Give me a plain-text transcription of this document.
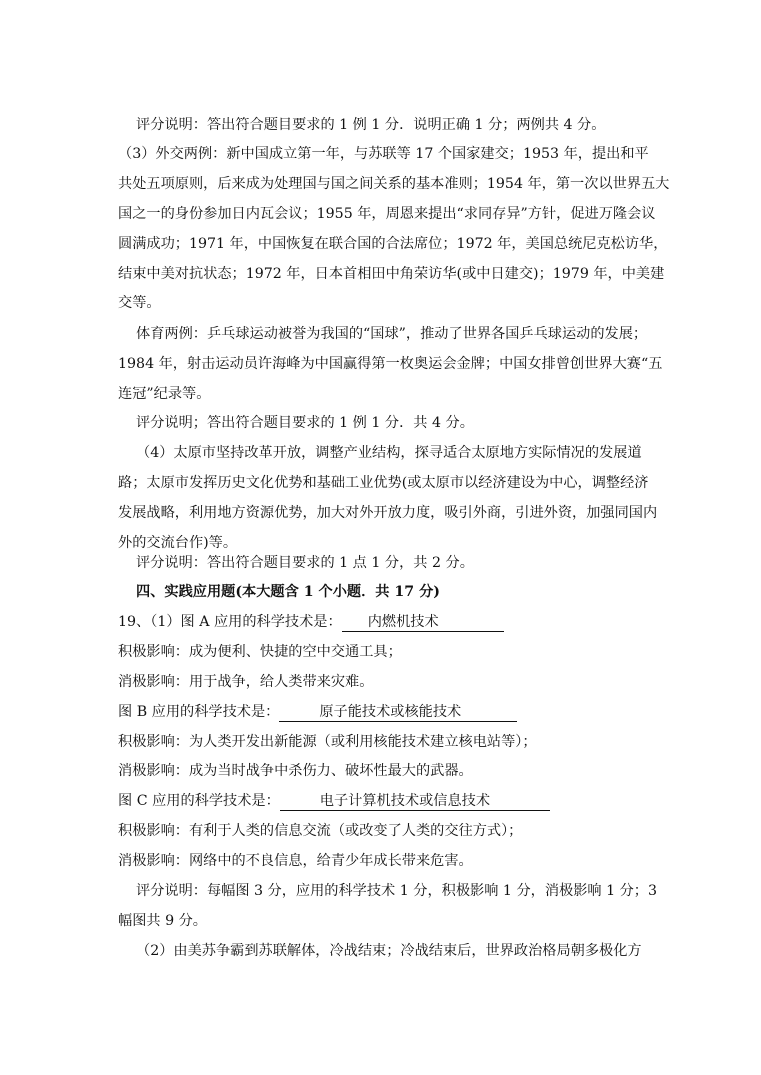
评分说明：答出符合题目要求的 1 例 1 分．说明正确 1 分；两例共 4 分。
（3）外交两例：新中国成立第一年，与苏联等 17 个国家建交；1953 年，提出和平
共处五项原则，后来成为处理国与国之间关系的基本准则；1954 年，第一次以世界五大
国之一的身份参加日内瓦会议；1955 年，周恩来提出“求同存异”方针，促进万隆会议
圆满成功；1971 年，中国恢复在联合国的合法席位；1972 年，美国总统尼克松访华，
结束中美对抗状态；1972 年，日本首相田中角荣访华(或中日建交)；1979 年，中美建
交等。
体育两例：乒乓球运动被誉为我国的“国球”，推动了世界各国乒乓球运动的发展；
1984 年，射击运动员许海峰为中国赢得第一枚奥运会金牌；中国女排曾创世界大赛“五
连冠”纪录等。
评分说明；答出符合题目要求的 1 例 1 分．共 4 分。
（4）太原市坚持改革开放，调整产业结构，探寻适合太原地方实际情况的发展道
路；太原市发挥历史文化优势和基础工业优势(或太原市以经济建设为中心，调整经济
发展战略，利用地方资源优势，加大对外开放力度，吸引外商，引进外资，加强同国内
外的交流台作)等。
评分说明：答出符合题目要求的 1 点 1 分，共 2 分。
四、实践应用题(本大题含 1 个小题．共 17 分)
19、（1）图 A 应用的科学技术是： 内燃机技术
积极影响：成为便利、快捷的空中交通工具；
消极影响：用于战争，给人类带来灾难。
图 B 应用的科学技术是：	原子能技术或核能技术
积极影响：为人类开发出新能源（或利用核能技术建立核电站等）；
消极影响：成为当时战争中杀伤力、破坏性最大的武器。
图 C 应用的科学技术是：	电子计算机技术或信息技术
积极影响：有利于人类的信息交流（或改变了人类的交往方式）；
消极影响：网络中的不良信息，给青少年成长带来危害。
评分说明：每幅图 3 分，应用的科学技术 1 分，积极影响 1 分，消极影响 1 分；3
幅图共 9 分。
（2）由美苏争霸到苏联解体，冷战结束；冷战结束后，世界政治格局朝多极化方
